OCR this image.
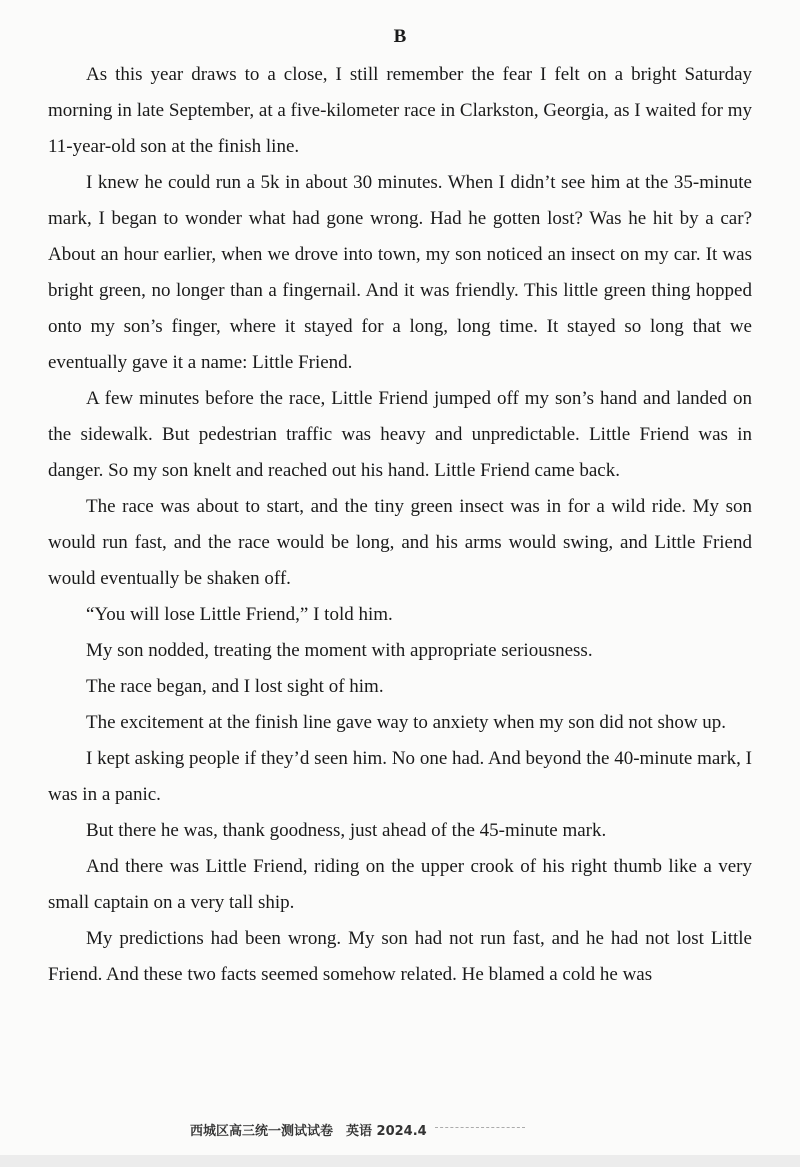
B

As this year draws to a close, I still remember the fear I felt on a bright Saturday morning in late September, at a five-kilometer race in Clarkston, Georgia, as I waited for my 11-year-old son at the finish line.

I knew he could run a 5k in about 30 minutes. When I didn’t see him at the 35-minute mark, I began to wonder what had gone wrong. Had he gotten lost? Was he hit by a car? About an hour earlier, when we drove into town, my son noticed an insect on my car. It was bright green, no longer than a fingernail. And it was friendly. This little green thing hopped onto my son’s finger, where it stayed for a long, long time. It stayed so long that we eventually gave it a name: Little Friend.

A few minutes before the race, Little Friend jumped off my son’s hand and landed on the sidewalk. But pedestrian traffic was heavy and unpredictable. Little Friend was in danger. So my son knelt and reached out his hand. Little Friend came back.

The race was about to start, and the tiny green insect was in for a wild ride. My son would run fast, and the race would be long, and his arms would swing, and Little Friend would eventually be shaken off.

“You will lose Little Friend,” I told him.

My son nodded, treating the moment with appropriate seriousness.

The race began, and I lost sight of him.

The excitement at the finish line gave way to anxiety when my son did not show up.

I kept asking people if they’d seen him. No one had. And beyond the 40-minute mark, I was in a panic.

But there he was, thank goodness, just ahead of the 45-minute mark.

And there was Little Friend, riding on the upper crook of his right thumb like a very small captain on a very tall ship.

My predictions had been wrong. My son had not run fast, and he had not lost Little Friend. And these two facts seemed somehow related. He blamed a cold he was

西城区高三统一测试试卷　英语 2024.4
